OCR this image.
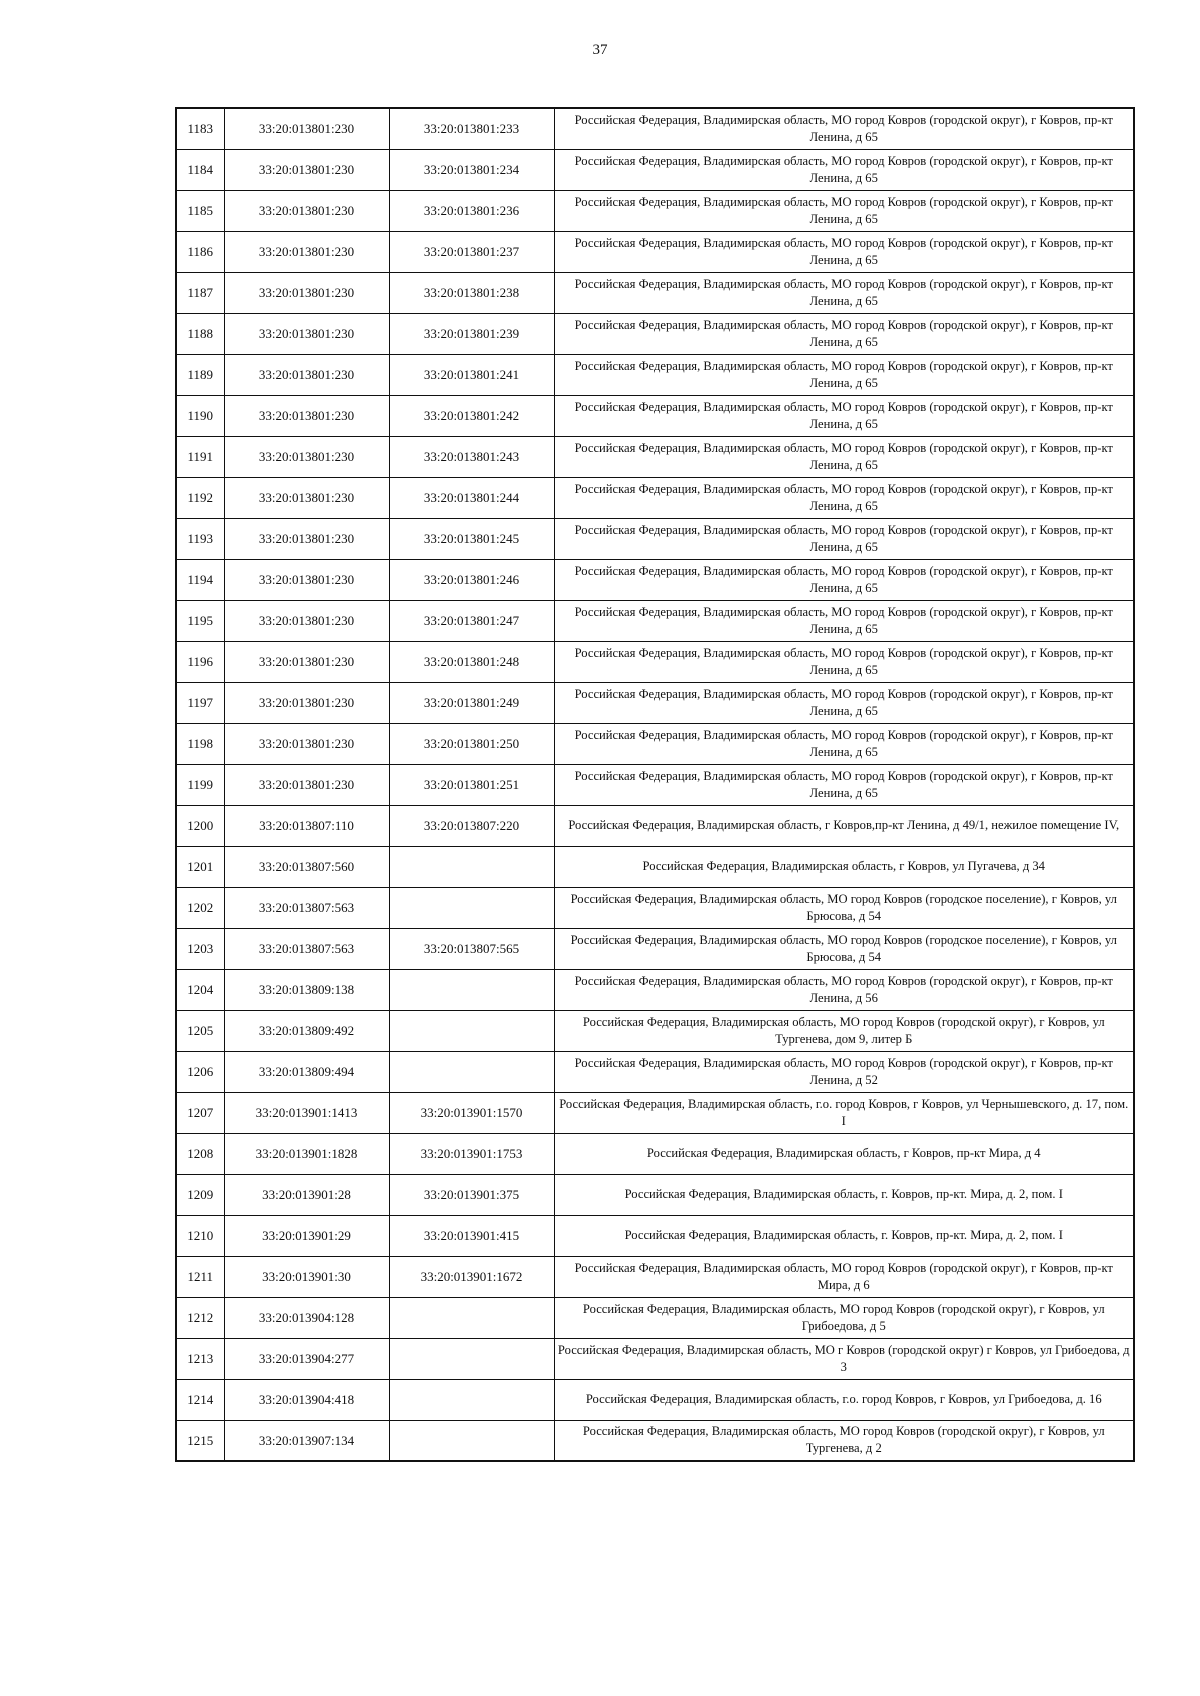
37
1183	33:20:013801:230	33:20:013801:233	Российская Федерация, Владимирская область, МО город Ковров (городской округ), г Ковров, пр-кт Ленина, д 65
1184	33:20:013801:230	33:20:013801:234	Российская Федерация, Владимирская область, МО город Ковров (городской округ), г Ковров, пр-кт Ленина, д 65
1185	33:20:013801:230	33:20:013801:236	Российская Федерация, Владимирская область, МО город Ковров (городской округ), г Ковров, пр-кт Ленина, д 65
1186	33:20:013801:230	33:20:013801:237	Российская Федерация, Владимирская область, МО город Ковров (городской округ), г Ковров, пр-кт Ленина, д 65
1187	33:20:013801:230	33:20:013801:238	Российская Федерация, Владимирская область, МО город Ковров (городской округ), г Ковров, пр-кт Ленина, д 65
1188	33:20:013801:230	33:20:013801:239	Российская Федерация, Владимирская область, МО город Ковров (городской округ), г Ковров, пр-кт Ленина, д 65
1189	33:20:013801:230	33:20:013801:241	Российская Федерация, Владимирская область, МО город Ковров (городской округ), г Ковров, пр-кт Ленина, д 65
1190	33:20:013801:230	33:20:013801:242	Российская Федерация, Владимирская область, МО город Ковров (городской округ), г Ковров, пр-кт Ленина, д 65
1191	33:20:013801:230	33:20:013801:243	Российская Федерация, Владимирская область, МО город Ковров (городской округ), г Ковров, пр-кт Ленина, д 65
1192	33:20:013801:230	33:20:013801:244	Российская Федерация, Владимирская область, МО город Ковров (городской округ), г Ковров, пр-кт Ленина, д 65
1193	33:20:013801:230	33:20:013801:245	Российская Федерация, Владимирская область, МО город Ковров (городской округ), г Ковров, пр-кт Ленина, д 65
1194	33:20:013801:230	33:20:013801:246	Российская Федерация, Владимирская область, МО город Ковров (городской округ), г Ковров, пр-кт Ленина, д 65
1195	33:20:013801:230	33:20:013801:247	Российская Федерация, Владимирская область, МО город Ковров (городской округ), г Ковров, пр-кт Ленина, д 65
1196	33:20:013801:230	33:20:013801:248	Российская Федерация, Владимирская область, МО город Ковров (городской округ), г Ковров, пр-кт Ленина, д 65
1197	33:20:013801:230	33:20:013801:249	Российская Федерация, Владимирская область, МО город Ковров (городской округ), г Ковров, пр-кт Ленина, д 65
1198	33:20:013801:230	33:20:013801:250	Российская Федерация, Владимирская область, МО город Ковров (городской округ), г Ковров, пр-кт Ленина, д 65
1199	33:20:013801:230	33:20:013801:251	Российская Федерация, Владимирская область, МО город Ковров (городской округ), г Ковров, пр-кт Ленина, д 65
1200	33:20:013807:110	33:20:013807:220	Российская Федерация, Владимирская область, г Ковров,пр-кт Ленина, д 49/1, нежилое помещение IV,
1201	33:20:013807:560		Российская Федерация, Владимирская область, г Ковров, ул Пугачева, д 34
1202	33:20:013807:563		Российская Федерация, Владимирская область, МО город Ковров (городское поселение), г Ковров, ул Брюсова, д 54
1203	33:20:013807:563	33:20:013807:565	Российская Федерация, Владимирская область, МО город Ковров (городское поселение), г Ковров, ул Брюсова, д 54
1204	33:20:013809:138		Российская Федерация, Владимирская область, МО город Ковров (городской округ), г Ковров, пр-кт Ленина, д 56
1205	33:20:013809:492		Российская Федерация, Владимирская область, МО город Ковров (городской округ), г Ковров, ул Тургенева, дом 9, литер Б
1206	33:20:013809:494		Российская Федерация, Владимирская область, МО город Ковров (городской округ), г Ковров, пр-кт Ленина, д 52
1207	33:20:013901:1413	33:20:013901:1570	Российская Федерация, Владимирская область, г.о. город Ковров, г Ковров, ул Чернышевского, д. 17, пом. I
1208	33:20:013901:1828	33:20:013901:1753	Российская Федерация, Владимирская область, г Ковров, пр-кт Мира, д 4
1209	33:20:013901:28	33:20:013901:375	Российская Федерация, Владимирская область, г. Ковров, пр-кт. Мира, д. 2, пом. I
1210	33:20:013901:29	33:20:013901:415	Российская Федерация, Владимирская область, г. Ковров, пр-кт. Мира, д. 2, пом. I
1211	33:20:013901:30	33:20:013901:1672	Российская Федерация, Владимирская область, МО город Ковров (городской округ), г Ковров, пр-кт Мира, д 6
1212	33:20:013904:128		Российская Федерация, Владимирская область, МО город Ковров (городской округ), г Ковров, ул Грибоедова, д 5
1213	33:20:013904:277		Российская Федерация, Владимирская область, МО г Ковров (городской округ) г Ковров, ул Грибоедова, д 3
1214	33:20:013904:418		Российская Федерация, Владимирская область, г.о. город Ковров, г Ковров, ул Грибоедова, д. 16
1215	33:20:013907:134		Российская Федерация, Владимирская область, МО город Ковров (городской округ), г Ковров, ул Тургенева, д 2
